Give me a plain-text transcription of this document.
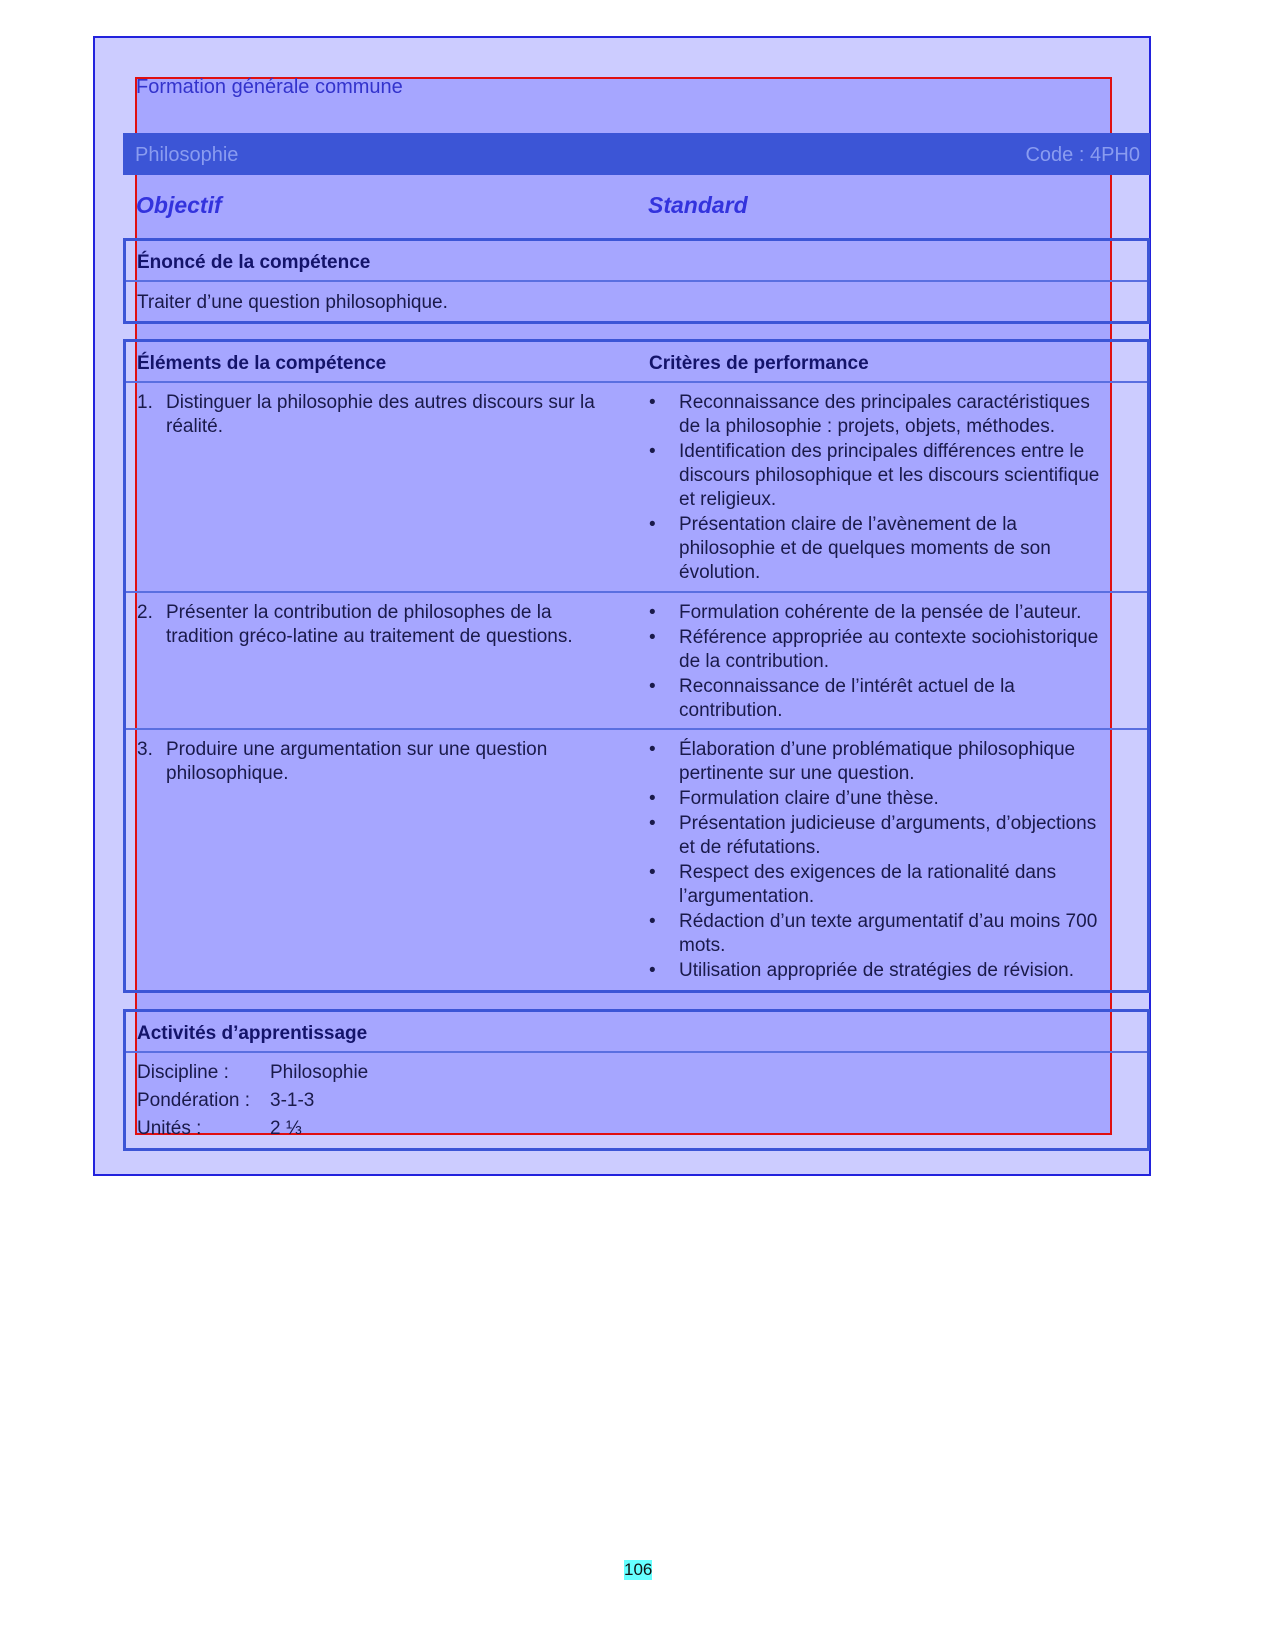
Formation générale commune
Philosophie	Code : 4PH0
Objectif	Standard
Énoncé de la compétence
Traiter d’une question philosophique.
Éléments de la compétence	Critères de performance
1. Distinguer la philosophie des autres discours sur la réalité.
• Reconnaissance des principales caractéristiques de la philosophie : projets, objets, méthodes.
• Identification des principales différences entre le discours philosophique et les discours scientifique et religieux.
• Présentation claire de l’avènement de la philosophie et de quelques moments de son évolution.
2. Présenter la contribution de philosophes de la tradition gréco-latine au traitement de questions.
• Formulation cohérente de la pensée de l’auteur.
• Référence appropriée au contexte sociohistorique de la contribution.
• Reconnaissance de l’intérêt actuel de la contribution.
3. Produire une argumentation sur une question philosophique.
• Élaboration d’une problématique philosophique pertinente sur une question.
• Formulation claire d’une thèse.
• Présentation judicieuse d’arguments, d’objections et de réfutations.
• Respect des exigences de la rationalité dans l’argumentation.
• Rédaction d’un texte argumentatif d’au moins 700 mots.
• Utilisation appropriée de stratégies de révision.
Activités d’apprentissage
Discipline : Philosophie
Pondération : 3-1-3
Unités :	2 ⅓
106
